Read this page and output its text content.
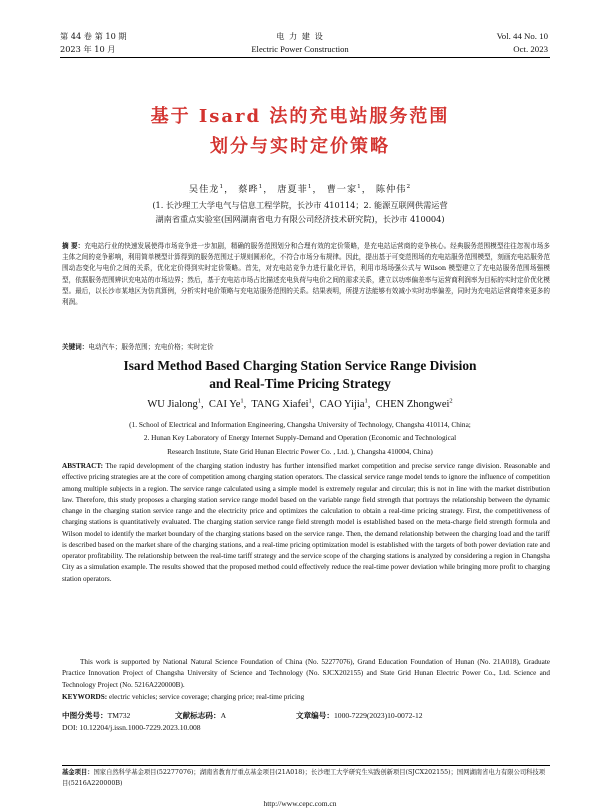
第 44 卷 第 10 期
2023 年 10 月
电 力 建 设
Electric Power Construction
Vol. 44 No. 10
Oct. 2023
基于 Isard 法的充电站服务范围
划分与实时定价策略
吴佳龙$^1$， 蔡晔$^1$， 唐夏菲$^1$， 曹一家$^1$， 陈仲伟$^2$
(1. 长沙理工大学电气与信息工程学院，长沙市 410114；2. 能源互联网供需运营
湖南省重点实验室(国网湖南省电力有限公司经济技术研究院)，长沙市 410004)
摘 要：充电站行业的快速发展使得市场竞争进一步加剧，精确的服务范围划分和合理有效的定价策略，是充电站运营商的竞争核心。经典服务范围模型往往忽视市场多主体之间的竞争影响，利用简单模型计算得到的服务范围过于规则圆形化，不符合市场分布规律。因此，提出基于可变范围场的充电站服务范围模型，刻画充电站服务范围动态变化与电价之间的关系，优化定价得到实时定价策略。首先，对充电站竞争力进行量化评估，利用市场场强公式与 Wilson 模型建立了充电站服务范围场强模型，依据服务范围辨识充电站的市场边界；然后，基于充电站市场占比描述充电负荷与电价之间的需求关系，建立以功率偏差率与运营商利润率为目标的实时定价优化模型。最后，以长沙市某地区为仿真算例，分析实时电价策略与充电站服务范围的关系。结果表明，所提方法能够有效减小实时功率偏差，同时为充电站运营商带来更多的利润。
关键词：电动汽车；服务范围；充电价格；实时定价
Isard Method Based Charging Station Service Range Division
and Real-Time Pricing Strategy
WU Jialong$^1$,  CAI Ye$^1$,  TANG Xiafei$^1$,  CAO Yijia$^1$,  CHEN Zhongwei$^2$
(1. School of Electrical and Information Engineering, Changsha University of Technology, Changsha 410114, China;
2. Hunan Key Laboratory of Energy Internet Supply-Demand and Operation (Economic and Technological
Research Institute, State Grid Hunan Electric Power Co. , Ltd. ), Changsha 410004, China)
ABSTRACT: The rapid development of the charging station industry has further intensified market competition and precise service range division. Reasonable and effective pricing strategies are at the core of competition among charging station operators. The classical service range model tends to ignore the influence of competition among multiple subjects in a region. The service range calculated using a simple model is extremely regular and circular; this is not in line with the market distribution law. Therefore, this study proposes a charging station service range model based on the variable range field strength that portrays the relationship between the dynamic change in the charging station service range and the electricity price and optimizes the calculation to obtain a real-time pricing strategy. First, the competitiveness of charging stations is quantitatively evaluated. The charging station service range field strength model is established based on the meta-charge field strength formula and Wilson model to identify the market boundary of the charging stations based on the service range. Then, the demand relationship between the charging load and the tariff is described based on the market share of the charging stations, and a real-time pricing optimization model is established with the targets of both power deviation rate and operator profitability. The relationship between the real-time tariff strategy and the service scope of the charging stations is analyzed by considering a region in Changsha City as a simulation example. The results showed that the proposed method could effectively reduce the real-time power deviation while bringing more profit to charging station operators.
This work is supported by National Natural Science Foundation of China (No. 52277076), Grand Education Foundation of Hunan (No. 21A018), Graduate Practice Innovation Project of Changsha University of Science and Technology (No. SJCX202155) and State Grid Hunan Electric Power Co., Ltd. Science and Technology Project (No. 5216A220000B).
KEYWORDS: electric vehicles; service coverage; charging price; real-time pricing
中图分类号：TM732	文献标志码：A	文章编号：1000-7229(2023)10-0072-12
DOI: 10.12204/j.issn.1000-7229.2023.10.008
基金项目：国家自然科学基金项目(52277076)；湖南省教育厅重点基金项目(21A018)；长沙理工大学研究生实践创新项目(SJCX202155)；国网湖南省电力有限公司科技项目(5216A220000B)
http://www.cepc.com.cn
